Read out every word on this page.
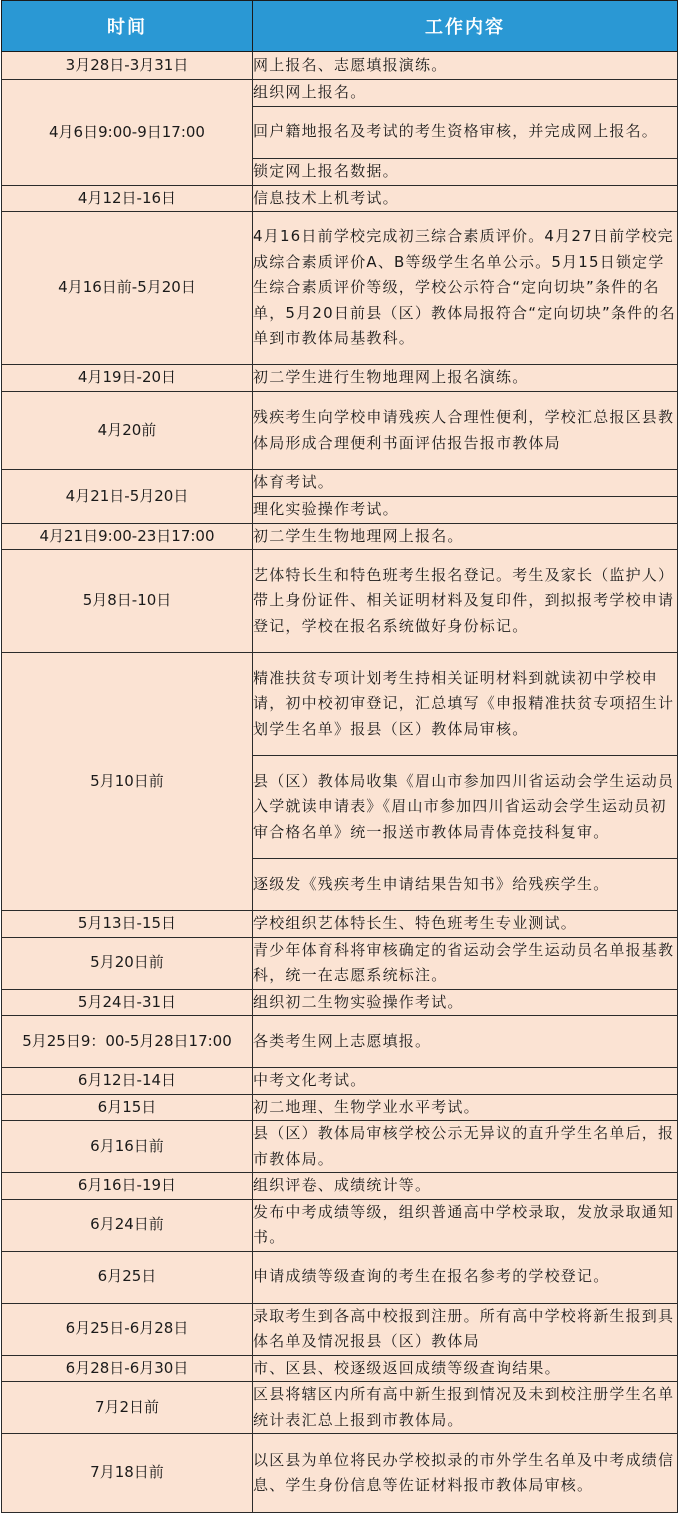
时间	工作内容
3月28日-3月31日	网上报名、志愿填报演练。
4月6日9:00-9日17:00	组织网上报名。
	回户籍地报名及考试的考生资格审核，并完成网上报名。
	锁定网上报名数据。
4月12日-16日	信息技术上机考试。
4月16日前-5月20日	4月16日前学校完成初三综合素质评价。4月27日前学校完成综合素质评价A、B等级学生名单公示。5月15日锁定学生综合素质评价等级，学校公示符合“定向切块”条件的名单，5月20日前县（区）教体局报符合“定向切块”条件的名单到市教体局基教科。
4月19日-20日	初二学生进行生物地理网上报名演练。
4月20前	残疾考生向学校申请残疾人合理性便利，学校汇总报区县教体局形成合理便利书面评估报告报市教体局
4月21日-5月20日	体育考试。
	理化实验操作考试。
4月21日9:00-23日17:00	初二学生生物地理网上报名。
5月8日-10日	艺体特长生和特色班考生报名登记。考生及家长（监护人）带上身份证件、相关证明材料及复印件，到拟报考学校申请登记，学校在报名系统做好身份标记。
5月10日前	精准扶贫专项计划考生持相关证明材料到就读初中学校申请，初中校初审登记，汇总填写《申报精准扶贫专项招生计划学生名单》报县（区）教体局审核。
	县（区）教体局收集《眉山市参加四川省运动会学生运动员入学就读申请表》《眉山市参加四川省运动会学生运动员初审合格名单》统一报送市教体局青体竞技科复审。
	逐级发《残疾考生申请结果告知书》给残疾学生。
5月13日-15日	学校组织艺体特长生、特色班考生专业测试。
5月20日前	青少年体育科将审核确定的省运动会学生运动员名单报基教科，统一在志愿系统标注。
5月24日-31日	组织初二生物实验操作考试。
5月25日9：00-5月28日17:00	各类考生网上志愿填报。
6月12日-14日	中考文化考试。
6月15日	初二地理、生物学业水平考试。
6月16日前	县（区）教体局审核学校公示无异议的直升学生名单后，报市教体局。
6月16日-19日	组织评卷、成绩统计等。
6月24日前	发布中考成绩等级，组织普通高中学校录取，发放录取通知书。
6月25日	申请成绩等级查询的考生在报名参考的学校登记。
6月25日-6月28日	录取考生到各高中校报到注册。所有高中学校将新生报到具体名单及情况报县（区）教体局
6月28日-6月30日	市、区县、校逐级返回成绩等级查询结果。
7月2日前	区县将辖区内所有高中新生报到情况及未到校注册学生名单统计表汇总上报到市教体局。
7月18日前	以区县为单位将民办学校拟录的市外学生名单及中考成绩信息、学生身份信息等佐证材料报市教体局审核。
